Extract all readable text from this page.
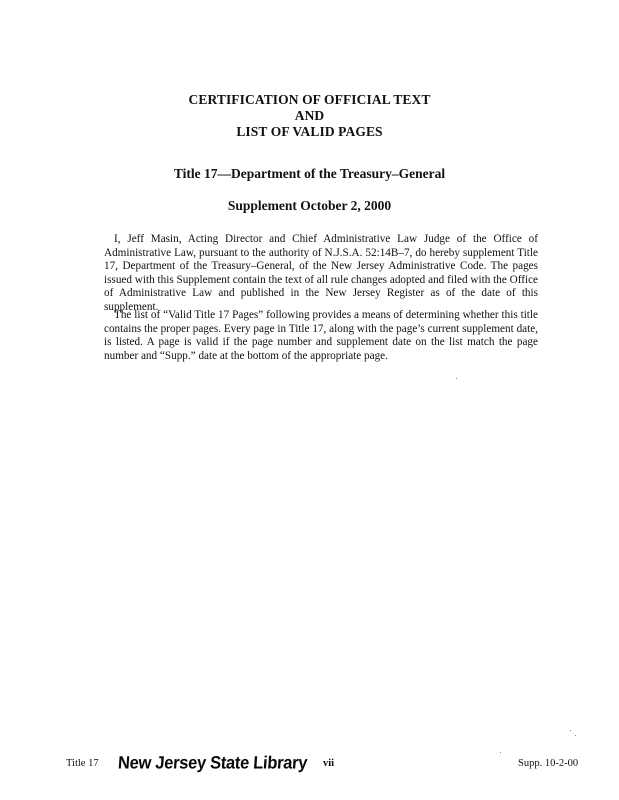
CERTIFICATION OF OFFICIAL TEXT
AND
LIST OF VALID PAGES
Title 17—Department of the Treasury–General
Supplement October 2, 2000

I, Jeff Masin, Acting Director and Chief Administrative Law Judge of the Office of Administrative Law, pursuant to the authority of N.J.S.A. 52:14B–7, do hereby supplement Title 17, Department of the Treasury–General, of the New Jersey Administrative Code. The pages issued with this Supplement contain the text of all rule changes adopted and filed with the Office of Administrative Law and published in the New Jersey Register as of the date of this supplement.

The list of “Valid Title 17 Pages” following provides a means of determining whether this title contains the proper pages. Every page in Title 17, along with the page’s current supplement date, is listed. A page is valid if the page number and supplement date on the list match the page number and “Supp.” date at the bottom of the appropriate page.

Title 17 New Jersey State Library vii	Supp. 10-2-00
